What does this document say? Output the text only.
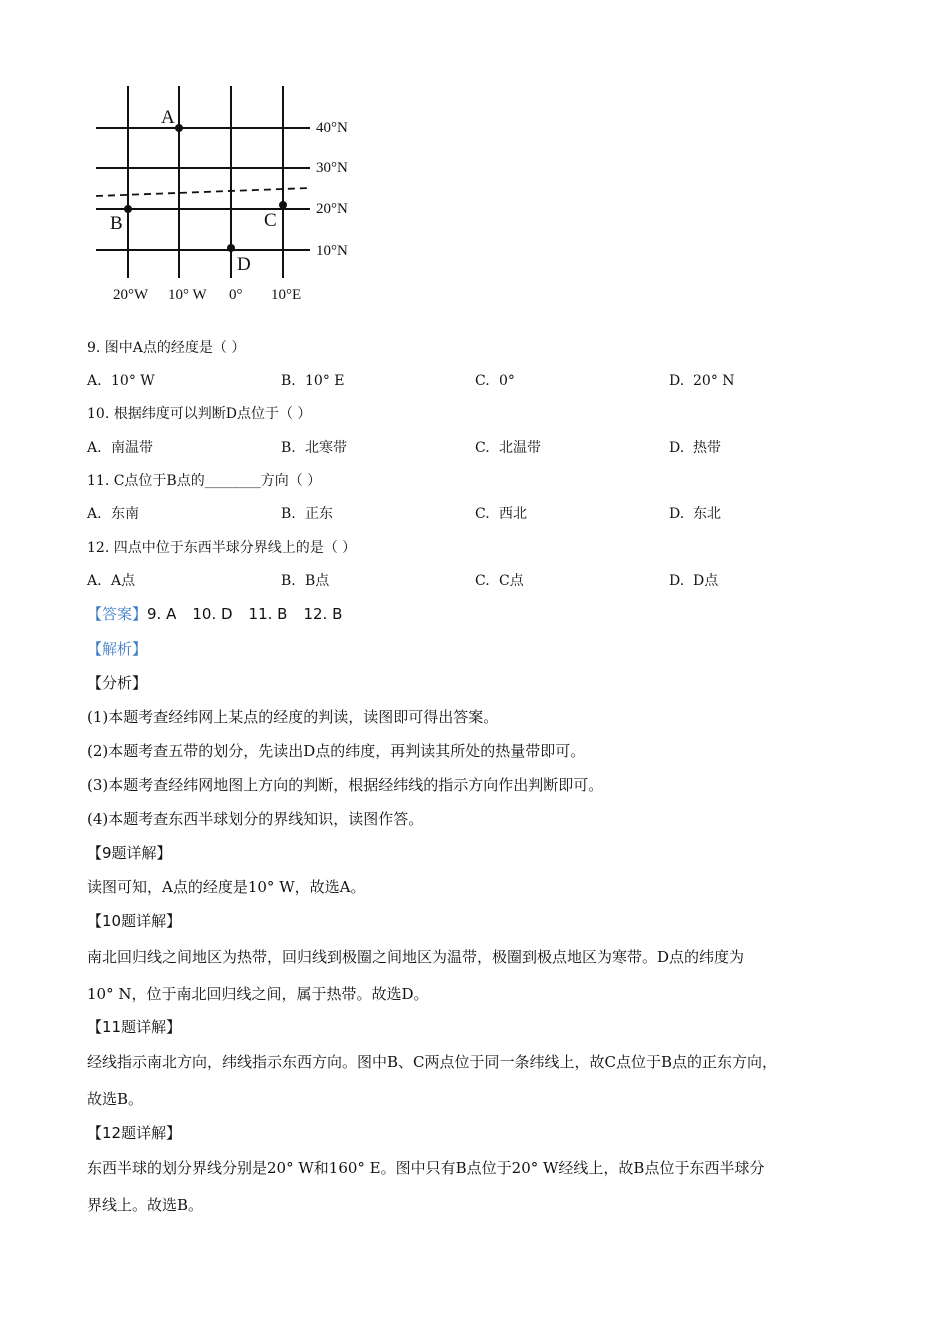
A
B	C
D
40°N
30°N
20°N
10°N
20°W 10° W 0° 10°E
9. 图中A点的经度是（ ）
A. 10° W	B. 10° E	C. 0°	D. 20° N
10. 根据纬度可以判断D点位于（ ）
A. 南温带	B. 北寒带	C. 北温带	D. 热带
11. C点位于B点的________方向（ ）
A. 东南	B. 正东	C. 西北	D. 东北
12. 四点中位于东西半球分界线上的是（ ）
A. A点	B. B点	C. C点	D. D点
【答案】9. A 10. D 11. B 12. B
【解析】
【分析】
(1)本题考查经纬网上某点的经度的判读，读图即可得出答案。
(2)本题考查五带的划分，先读出D点的纬度，再判读其所处的热量带即可。
(3)本题考查经纬网地图上方向的判断，根据经纬线的指示方向作出判断即可。
(4)本题考查东西半球划分的界线知识，读图作答。
【9题详解】
读图可知，A点的经度是10° W，故选A。
【10题详解】
南北回归线之间地区为热带，回归线到极圈之间地区为温带，极圈到极点地区为寒带。D点的纬度为
10° N，位于南北回归线之间，属于热带。故选D。
【11题详解】
经线指示南北方向，纬线指示东西方向。图中B、C两点位于同一条纬线上，故C点位于B点的正东方向，
故选B。
【12题详解】
东西半球的划分界线分别是20° W和160° E。图中只有B点位于20° W经线上，故B点位于东西半球分
界线上。故选B。
